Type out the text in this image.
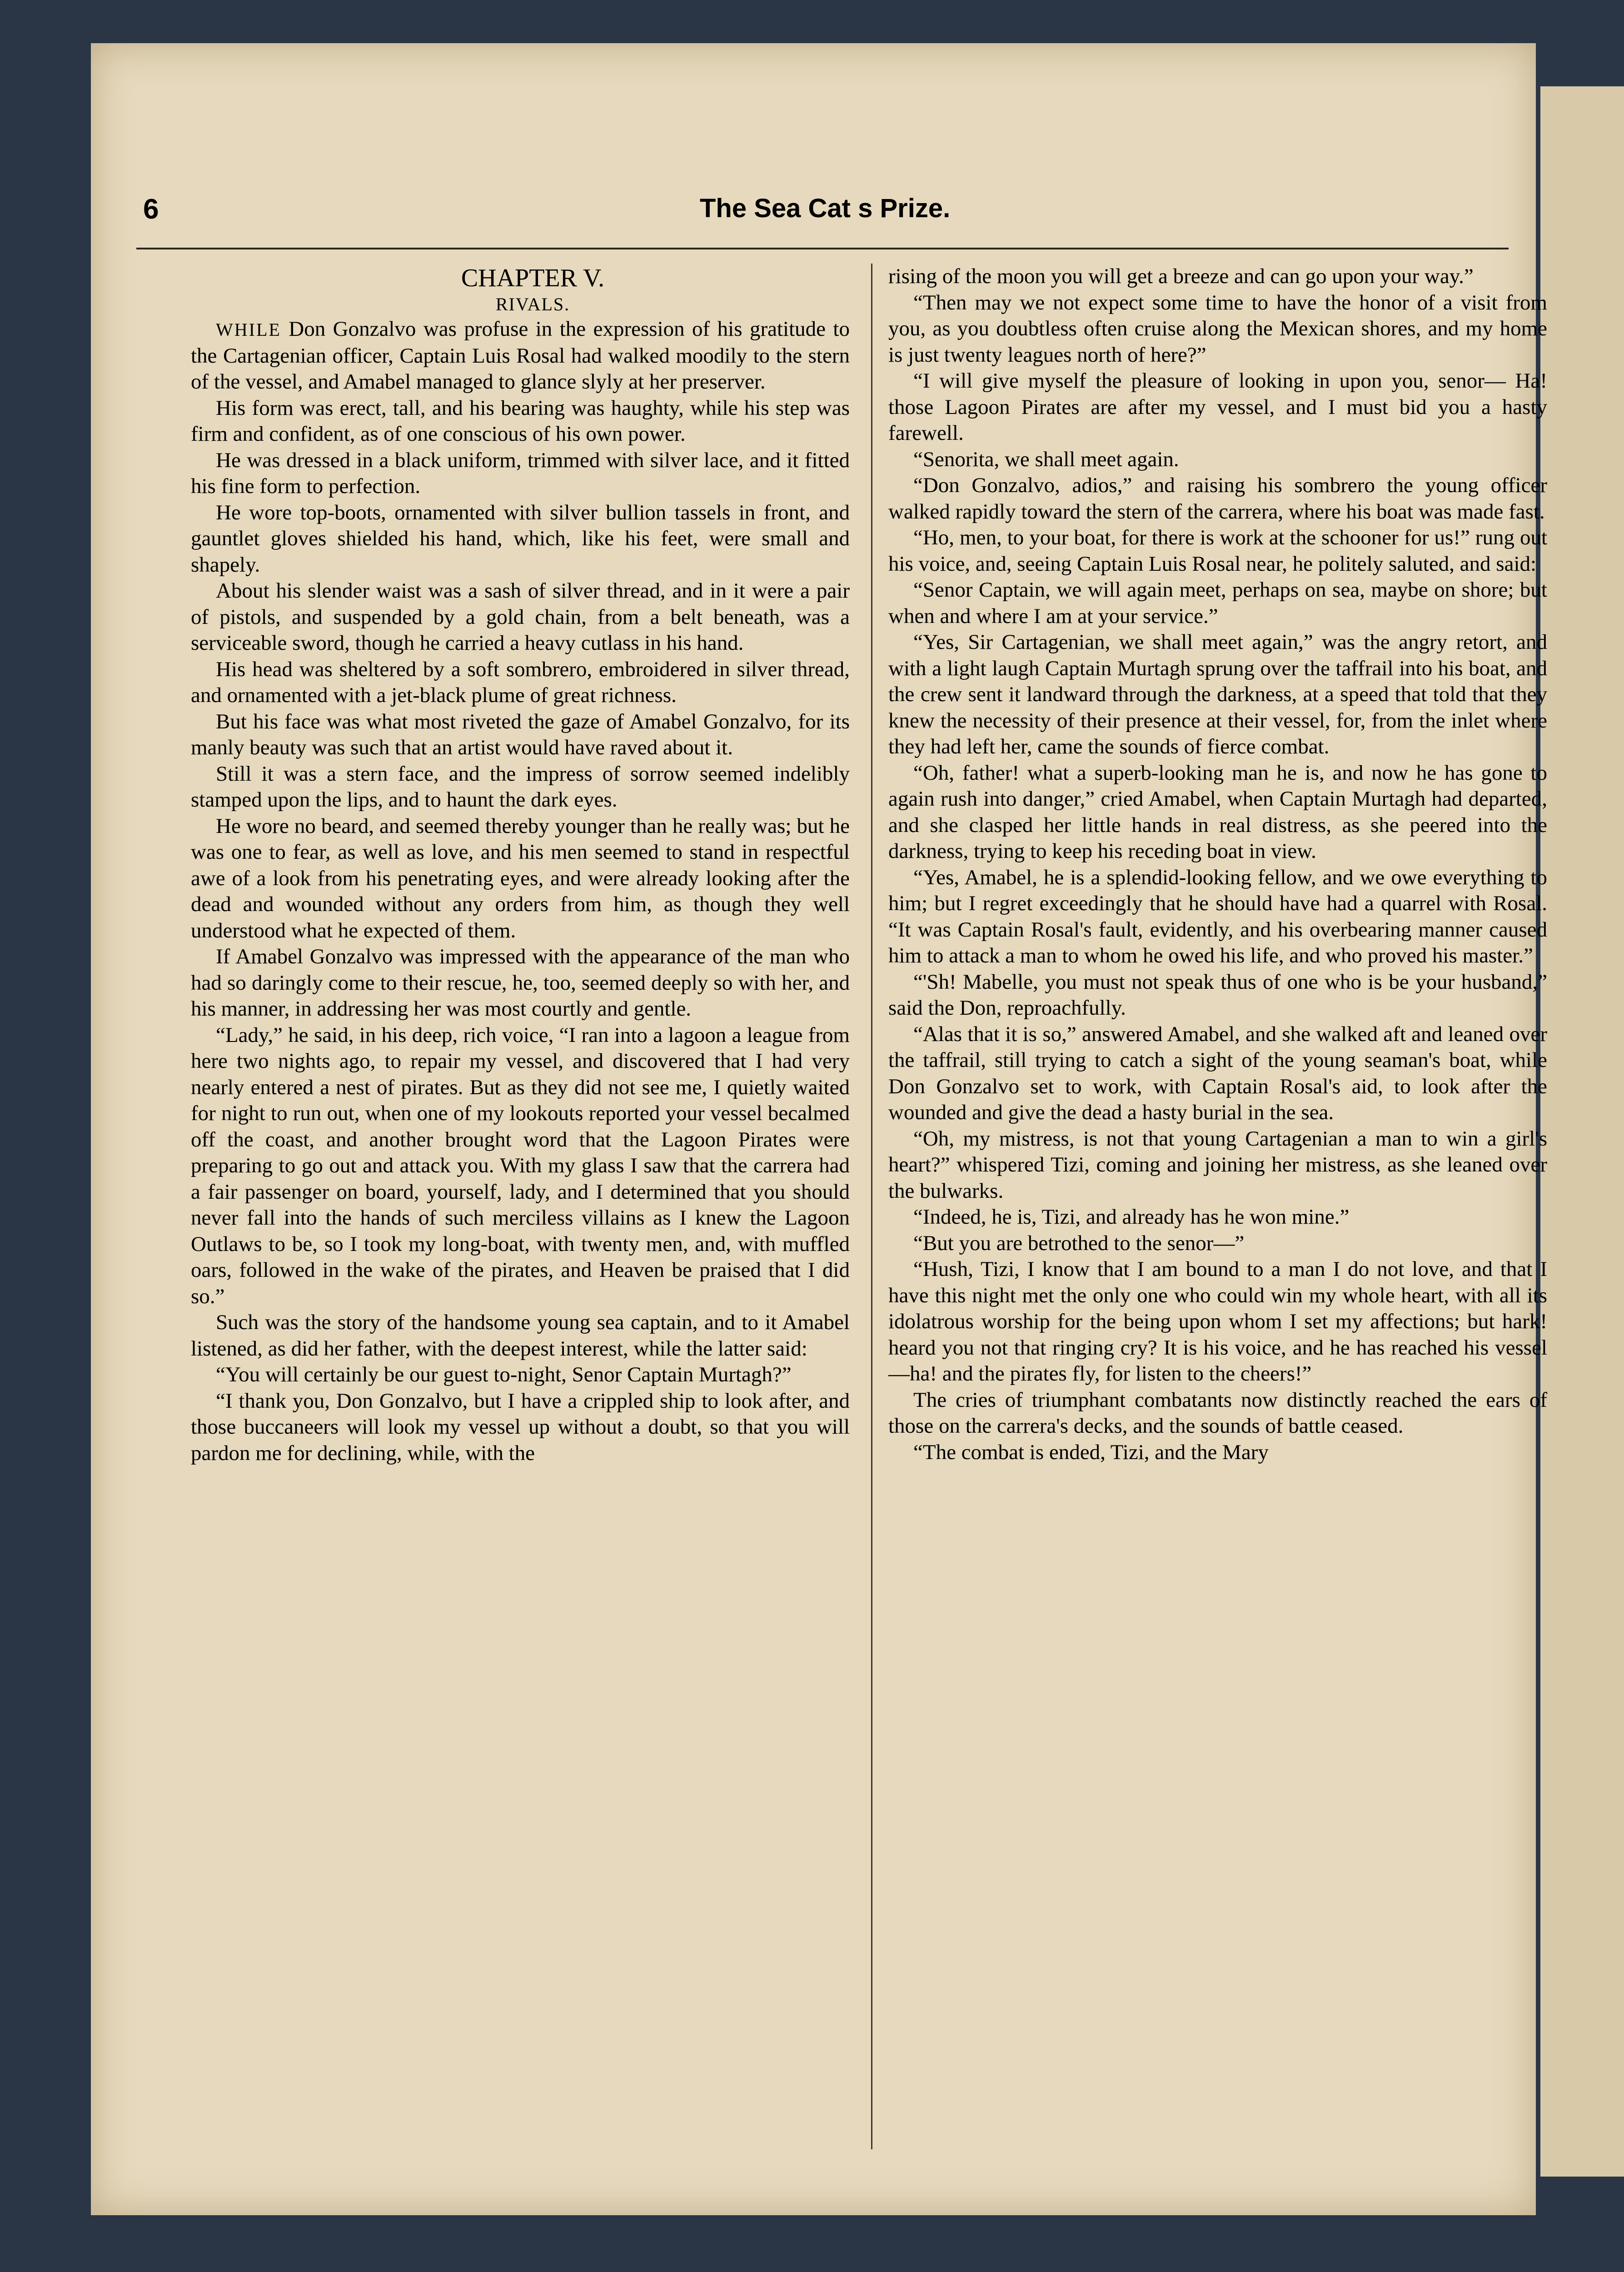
6	The Sea Cat s Prize.

CHAPTER V.

RIVALS.

WHILE Don Gonzalvo was profuse in the expression of his gratitude to the Cartagenian officer, Captain Luis Rosal had walked moodily to the stern of the vessel, and Amabel managed to glance slyly at her preserver.

His form was erect, tall, and his bearing was haughty, while his step was firm and confident, as of one conscious of his own power.

He was dressed in a black uniform, trimmed with silver lace, and it fitted his fine form to perfection.

He wore top-boots, ornamented with silver bullion tassels in front, and gauntlet gloves shielded his hand, which, like his feet, were small and shapely.

About his slender waist was a sash of silver thread, and in it were a pair of pistols, and suspended by a gold chain, from a belt beneath, was a serviceable sword, though he carried a heavy cutlass in his hand.

His head was sheltered by a soft sombrero, embroidered in silver thread, and ornamented with a jet-black plume of great richness.

But his face was what most riveted the gaze of Amabel Gonzalvo, for its manly beauty was such that an artist would have raved about it.

Still it was a stern face, and the impress of sorrow seemed indelibly stamped upon the lips, and to haunt the dark eyes.

He wore no beard, and seemed thereby younger than he really was; but he was one to fear, as well as love, and his men seemed to stand in respectful awe of a look from his penetrating eyes, and were already looking after the dead and wounded without any orders from him, as though they well understood what he expected of them.

If Amabel Gonzalvo was impressed with the appearance of the man who had so daringly come to their rescue, he, too, seemed deeply so with her, and his manner, in addressing her was most courtly and gentle.

“Lady,” he said, in his deep, rich voice, “I ran into a lagoon a league from here two nights ago, to repair my vessel, and discovered that I had very nearly entered a nest of pirates. But as they did not see me, I quietly waited for night to run out, when one of my lookouts reported your vessel becalmed off the coast, and another brought word that the Lagoon Pirates were preparing to go out and attack you. With my glass I saw that the carrera had a fair passenger on board, yourself, lady, and I determined that you should never fall into the hands of such merciless villains as I knew the Lagoon Outlaws to be, so I took my long-boat, with twenty men, and, with muffled oars, followed in the wake of the pirates, and Heaven be praised that I did so.”

Such was the story of the handsome young sea captain, and to it Amabel listened, as did her father, with the deepest interest, while the latter said:

“You will certainly be our guest to-night, Senor Captain Murtagh?”

“I thank you, Don Gonzalvo, but I have a crippled ship to look after, and those buccaneers will look my vessel up without a doubt, so that you will pardon me for declining, while, with the

rising of the moon you will get a breeze and can go upon your way.”

“Then may we not expect some time to have the honor of a visit from you, as you doubtless often cruise along the Mexican shores, and my home is just twenty leagues north of here?”

“I will give myself the pleasure of looking in upon you, senor— Ha! those Lagoon Pirates are after my vessel, and I must bid you a hasty farewell.

“Senorita, we shall meet again.

“Don Gonzalvo, adios,” and raising his sombrero the young officer walked rapidly toward the stern of the carrera, where his boat was made fast.

“Ho, men, to your boat, for there is work at the schooner for us!” rung out his voice, and, seeing Captain Luis Rosal near, he politely saluted, and said:

“Senor Captain, we will again meet, perhaps on sea, maybe on shore; but when and where I am at your service.”

“Yes, Sir Cartagenian, we shall meet again,” was the angry retort, and with a light laugh Captain Murtagh sprung over the taffrail into his boat, and the crew sent it landward through the darkness, at a speed that told that they knew the necessity of their presence at their vessel, for, from the inlet where they had left her, came the sounds of fierce combat.

“Oh, father! what a superb-looking man he is, and now he has gone to again rush into danger,” cried Amabel, when Captain Murtagh had departed, and she clasped her little hands in real distress, as she peered into the darkness, trying to keep his receding boat in view.

“Yes, Amabel, he is a splendid-looking fellow, and we owe everything to him; but I regret exceedingly that he should have had a quarrel with Rosal. “It was Captain Rosal's fault, evidently, and his overbearing manner caused him to attack a man to whom he owed his life, and who proved his master.”

“'Sh! Mabelle, you must not speak thus of one who is be your husband,” said the Don, reproachfully.

“Alas that it is so,” answered Amabel, and she walked aft and leaned over the taffrail, still trying to catch a sight of the young seaman's boat, while Don Gonzalvo set to work, with Captain Rosal's aid, to look after the wounded and give the dead a hasty burial in the sea.

“Oh, my mistress, is not that young Cartagenian a man to win a girl's heart?” whispered Tizi, coming and joining her mistress, as she leaned over the bulwarks.

“Indeed, he is, Tizi, and already has he won mine.”

“But you are betrothed to the senor—”

“Hush, Tizi, I know that I am bound to a man I do not love, and that I have this night met the only one who could win my whole heart, with all its idolatrous worship for the being upon whom I set my affections; but hark! heard you not that ringing cry? It is his voice, and he has reached his vessel—ha! and the pirates fly, for listen to the cheers!”

The cries of triumphant combatants now distinctly reached the ears of those on the carrera's decks, and the sounds of battle ceased.

“The combat is ended, Tizi, and the Mary
